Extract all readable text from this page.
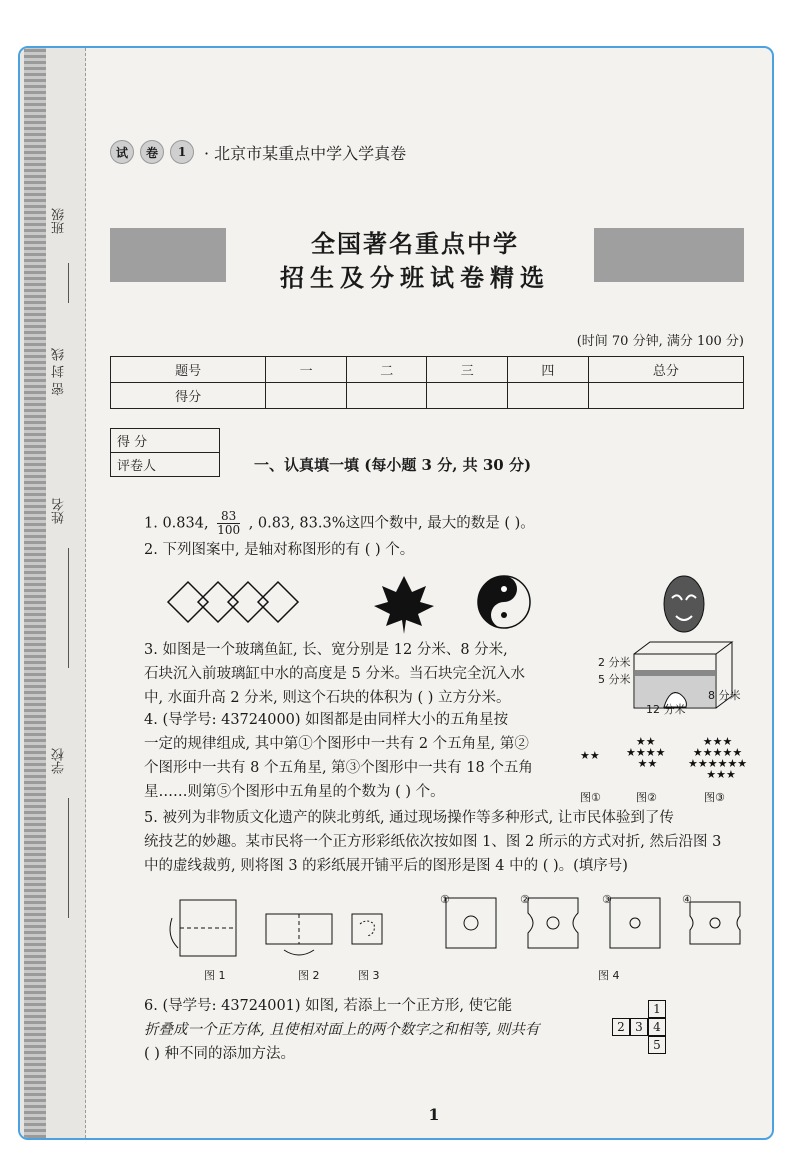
班级
密 封 线
姓名
学校
试	卷	1	· 北京市某重点中学入学真卷
全国著名重点中学
招生及分班试卷精选
(时间 70 分钟, 满分 100 分)
题号	一	二	三	四	总分
得分					
得 分
评卷人	一、认真填一填 (每小题 3 分, 共 30 分)
1. 0.834, $\frac{83}{100}$ , 0.83, 83.3%这四个数中, 最大的数是 ( )。
2. 下列图案中, 是轴对称图形的有 ( ) 个。
3. 如图是一个玻璃鱼缸, 长、宽分别是 12 分米、8 分米,
石块沉入前玻璃缸中水的高度是 5 分米。当石块完全沉入水
中, 水面升高 2 分米, 则这个石块的体积为 ( ) 立方分米。
2 分米
5 分米
8 分米
12 分米
4. (导学号: 43724000) 如图都是由同样大小的五角星按
一定的规律组成, 其中第①个图形中一共有 2 个五角星, 第②
个图形中一共有 8 个五角星, 第③个图形中一共有 18 个五角
星……则第⑤个图形中五角星的个数为 ( ) 个。
★★
★★
★★★★
★★
★★★
★★★★★
★★★★★★
★★★
图①	图②	图③
5. 被列为非物质文化遗产的陕北剪纸, 通过现场操作等多种形式, 让市民体验到了传
统技艺的妙趣。某市民将一个正方形彩纸依次按如图 1、图 2 所示的方式对折, 然后沿图 3
中的虚线裁剪, 则将图 3 的彩纸展开铺平后的图形是图 4 中的 ( )。(填序号)
①	②	③	④
图 1	图 2	图 3	图 4
6. (导学号: 43724001) 如图, 若添上一个正方形, 使它能
折叠成一个正方体, 且使相对面上的两个数字之和相等, 则共有
( ) 种不同的添加方法。
1
2 3 4
5
1
